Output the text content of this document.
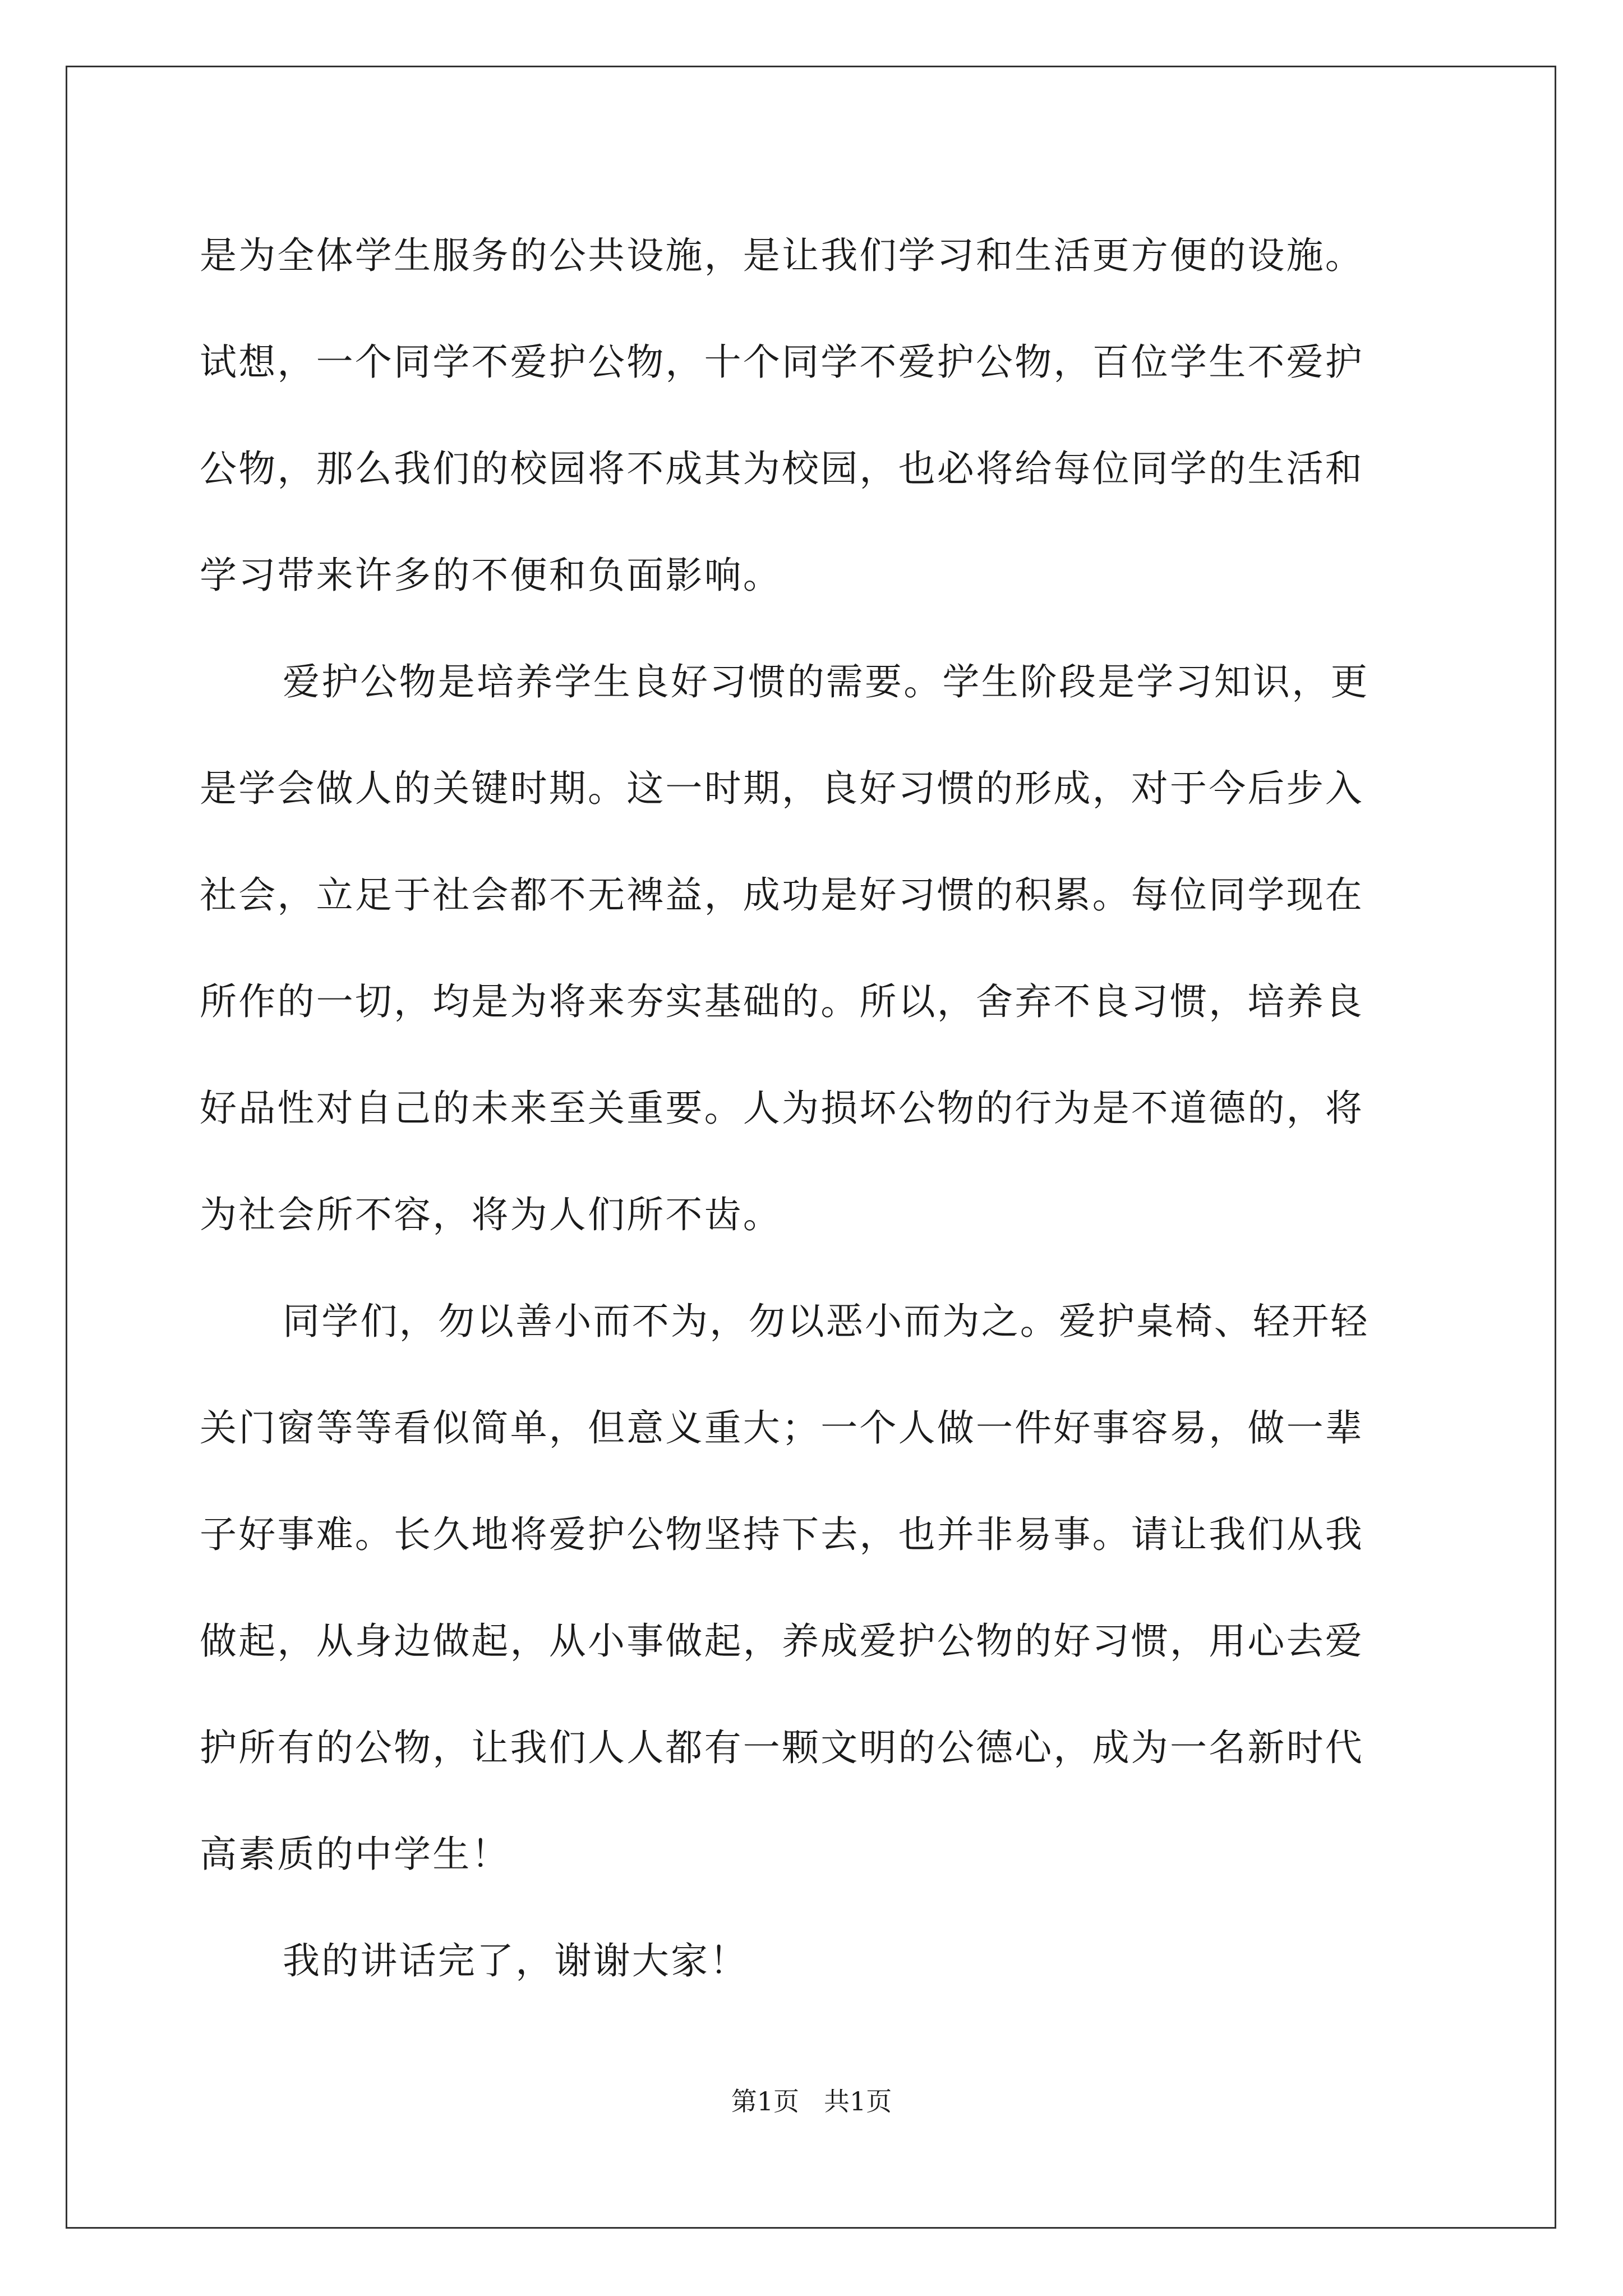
是为全体学生服务的公共设施，是让我们学习和生活更方便的设施。
试想，一个同学不爱护公物，十个同学不爱护公物，百位学生不爱护
公物，那么我们的校园将不成其为校园，也必将给每位同学的生活和
学习带来许多的不便和负面影响。

爱护公物是培养学生良好习惯的需要。学生阶段是学习知识，更
是学会做人的关键时期。这一时期，良好习惯的形成，对于今后步入
社会，立足于社会都不无裨益，成功是好习惯的积累。每位同学现在
所作的一切，均是为将来夯实基础的。所以，舍弃不良习惯，培养良
好品性对自己的未来至关重要。人为损坏公物的行为是不道德的，将
为社会所不容，将为人们所不齿。

同学们，勿以善小而不为，勿以恶小而为之。爱护桌椅、轻开轻
关门窗等等看似简单，但意义重大；一个人做一件好事容易，做一辈
子好事难。长久地将爱护公物坚持下去，也并非易事。请让我们从我
做起，从身边做起，从小事做起，养成爱护公物的好习惯，用心去爱
护所有的公物，让我们人人都有一颗文明的公德心，成为一名新时代
高素质的中学生！

我的讲话完了，谢谢大家！

第1页 共1页
